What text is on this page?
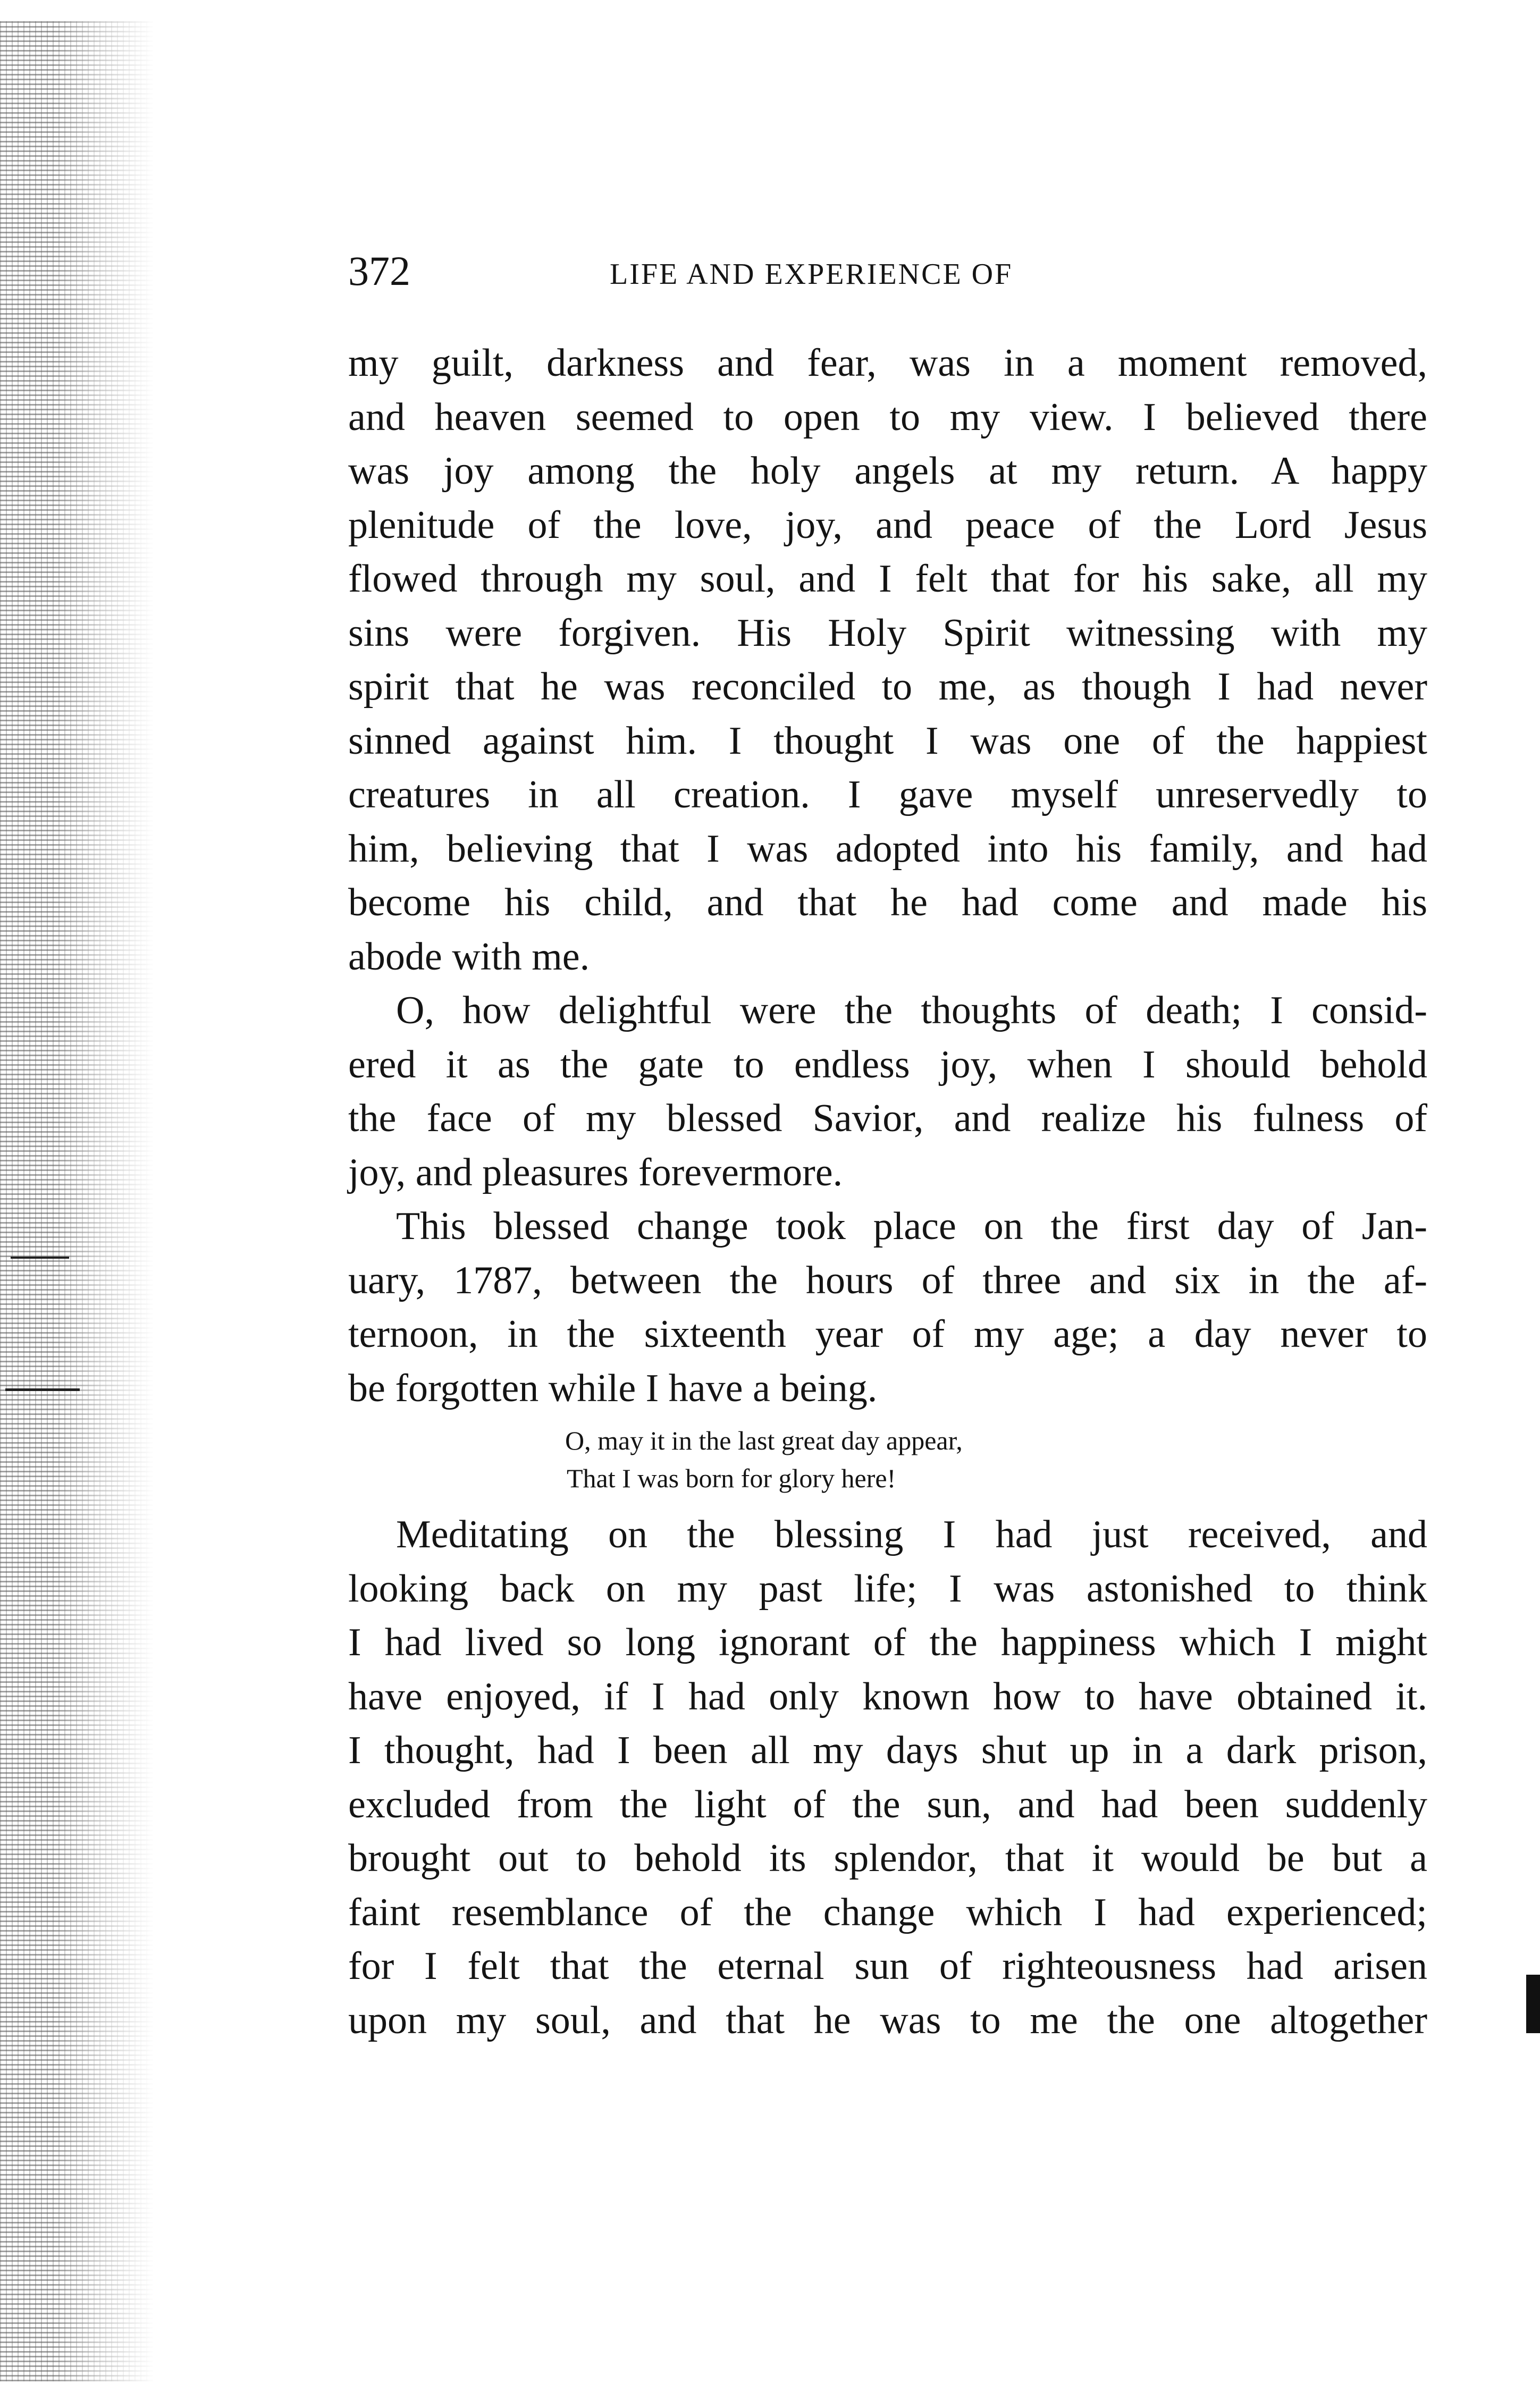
372	LIFE AND EXPERIENCE OF

my guilt, darkness and fear, was in a moment removed,
and heaven seemed to open to my view. I believed there
was joy among the holy angels at my return. A happy
plenitude of the love, joy, and peace of the Lord Jesus
flowed through my soul, and I felt that for his sake, all my
sins were forgiven. His Holy Spirit witnessing with my
spirit that he was reconciled to me, as though I had never
sinned against him. I thought I was one of the happiest
creatures in all creation. I gave myself unreservedly to
him, believing that I was adopted into his family, and had
become his child, and that he had come and made his
abode with me.

O, how delightful were the thoughts of death; I consid-
ered it as the gate to endless joy, when I should behold
the face of my blessed Savior, and realize his fulness of
joy, and pleasures forevermore.

This blessed change took place on the first day of Jan-
uary, 1787, between the hours of three and six in the af-
ternoon, in the sixteenth year of my age; a day never to
be forgotten while I have a being.

O, may it in the last great day appear,
That I was born for glory here!

Meditating on the blessing I had just received, and
looking back on my past life; I was astonished to think
I had lived so long ignorant of the happiness which I might
have enjoyed, if I had only known how to have obtained it.
I thought, had I been all my days shut up in a dark prison,
excluded from the light of the sun, and had been suddenly
brought out to behold its splendor, that it would be but a
faint resemblance of the change which I had experienced;
for I felt that the eternal sun of righteousness had arisen
upon my soul, and that he was to me the one altogether
